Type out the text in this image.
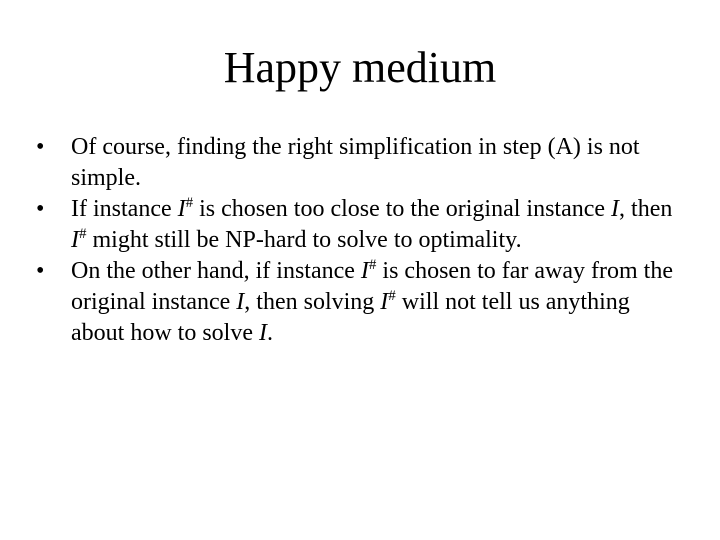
Happy medium
•
Of course, finding the right simplification in step (A) is not simple.
•
If instance I# is chosen too close to the original instance I, then I# might still be NP-hard to solve to optimality.
•
On the other hand, if instance I# is chosen to far away from the original instance I, then solving I# will not tell us anything about how to solve I.
